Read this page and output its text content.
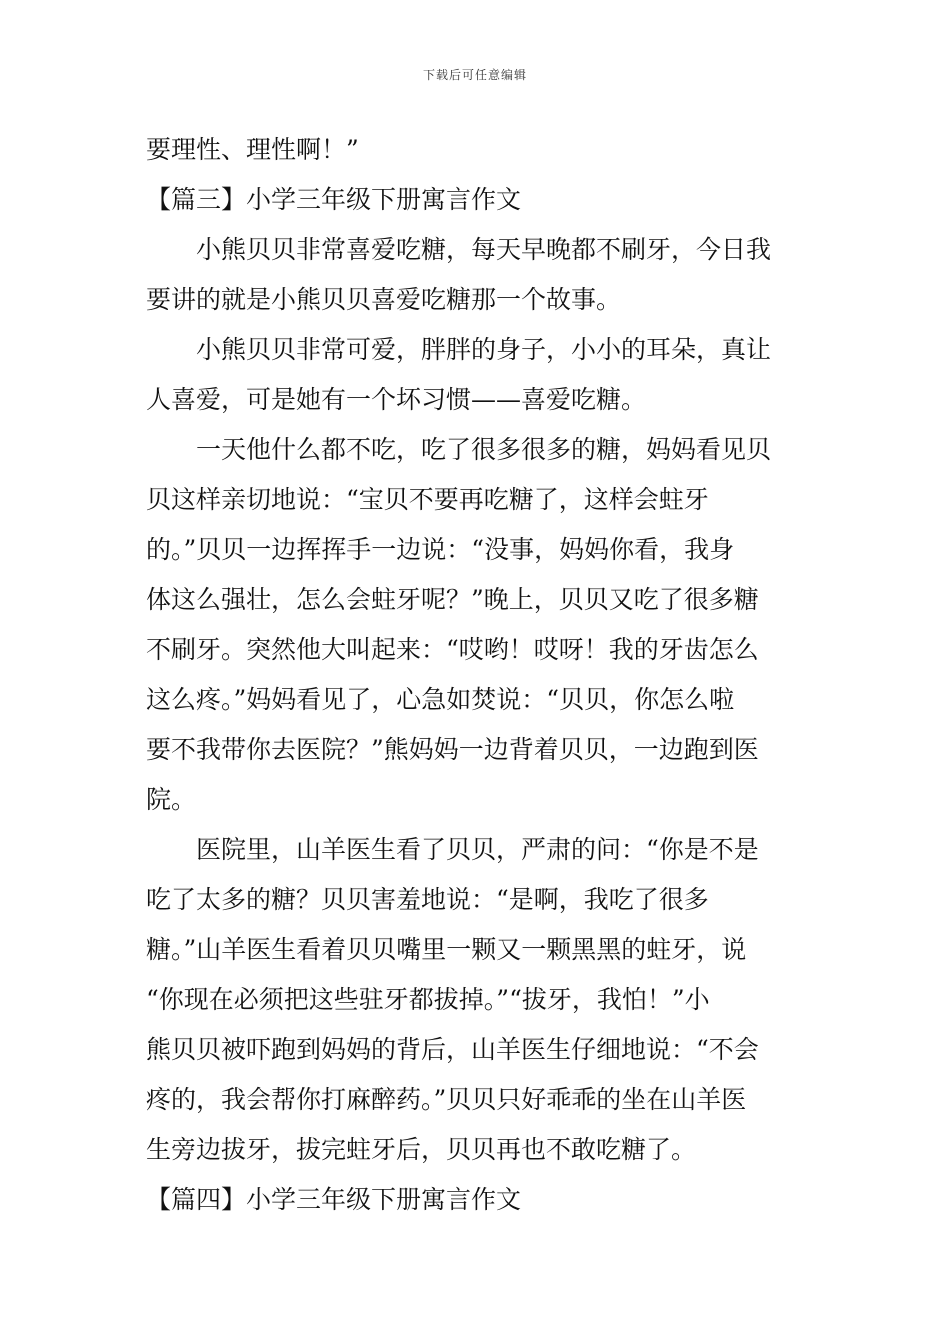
下载后可任意编辑
要理性、理性啊！”
【篇三】小学三年级下册寓言作文
小熊贝贝非常喜爱吃糖，每天早晚都不刷牙，今日我
要讲的就是小熊贝贝喜爱吃糖那一个故事。
小熊贝贝非常可爱，胖胖的身子，小小的耳朵，真让
人喜爱，可是她有一个坏习惯——喜爱吃糖。
一天他什么都不吃，吃了很多很多的糖，妈妈看见贝
贝这样亲切地说：“宝贝不要再吃糖了，这样会蛀牙
的。”贝贝一边挥挥手一边说：“没事，妈妈你看，我身
体这么强壮，怎么会蛀牙呢？”晚上，贝贝又吃了很多糖
不刷牙。突然他大叫起来：“哎哟！哎呀！我的牙齿怎么
这么疼。”妈妈看见了，心急如焚说：“贝贝，你怎么啦
要不我带你去医院？”熊妈妈一边背着贝贝，一边跑到医
院。
医院里，山羊医生看了贝贝，严肃的问：“你是不是
吃了太多的糖？贝贝害羞地说：“是啊，我吃了很多
糖。”山羊医生看着贝贝嘴里一颗又一颗黑黑的蛀牙，说
“你现在必须把这些驻牙都拔掉。”“拔牙，我怕！”小
熊贝贝被吓跑到妈妈的背后，山羊医生仔细地说：“不会
疼的，我会帮你打麻醉药。”贝贝只好乖乖的坐在山羊医
生旁边拔牙，拔完蛀牙后，贝贝再也不敢吃糖了。
【篇四】小学三年级下册寓言作文
